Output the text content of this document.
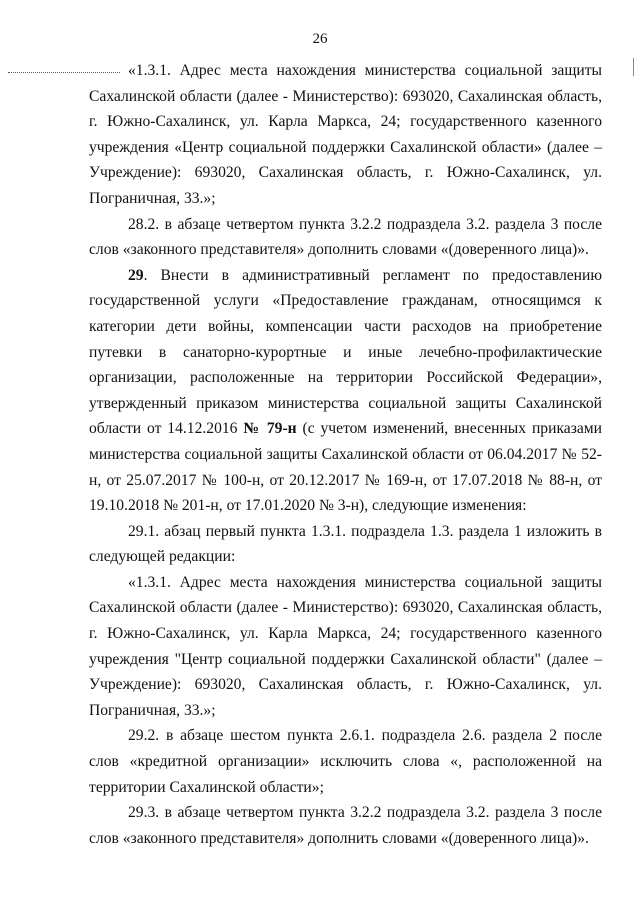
26

«1.3.1. Адрес места нахождения министерства социальной защиты Сахалинской области (далее - Министерство): 693020, Сахалинская область, г. Южно-Сахалинск, ул. Карла Маркса, 24; государственного казенного учреждения «Центр социальной поддержки Сахалинской области» (далее – Учреждение): 693020, Сахалинская область, г. Южно-Сахалинск, ул. Пограничная, 33.»;

28.2. в абзаце четвертом пункта 3.2.2 подраздела 3.2. раздела 3 после слов «законного представителя» дополнить словами «(доверенного лица)».

29. Внести в административный регламент по предоставлению государственной услуги «Предоставление гражданам, относящимся к категории дети войны, компенсации части расходов на приобретение путевки в санаторно-курортные и иные лечебно-профилактические организации, расположенные на территории Российской Федерации», утвержденный приказом министерства социальной защиты Сахалинской области от 14.12.2016 № 79-н (с учетом изменений, внесенных приказами министерства социальной защиты Сахалинской области от 06.04.2017 № 52-н, от 25.07.2017 № 100-н, от 20.12.2017 № 169-н, от 17.07.2018 № 88-н, от 19.10.2018 № 201-н, от 17.01.2020 № 3-н), следующие изменения:

29.1. абзац первый пункта 1.3.1. подраздела 1.3. раздела 1 изложить в следующей редакции:

«1.3.1. Адрес места нахождения министерства социальной защиты Сахалинской области (далее - Министерство): 693020, Сахалинская область, г. Южно-Сахалинск, ул. Карла Маркса, 24; государственного казенного учреждения "Центр социальной поддержки Сахалинской области" (далее – Учреждение): 693020, Сахалинская область, г. Южно-Сахалинск, ул. Пограничная, 33.»;

29.2. в абзаце шестом пункта 2.6.1. подраздела 2.6. раздела 2 после слов «кредитной организации» исключить слова «, расположенной на территории Сахалинской области»;

29.3. в абзаце четвертом пункта 3.2.2 подраздела 3.2. раздела 3 после слов «законного представителя» дополнить словами «(доверенного лица)».
